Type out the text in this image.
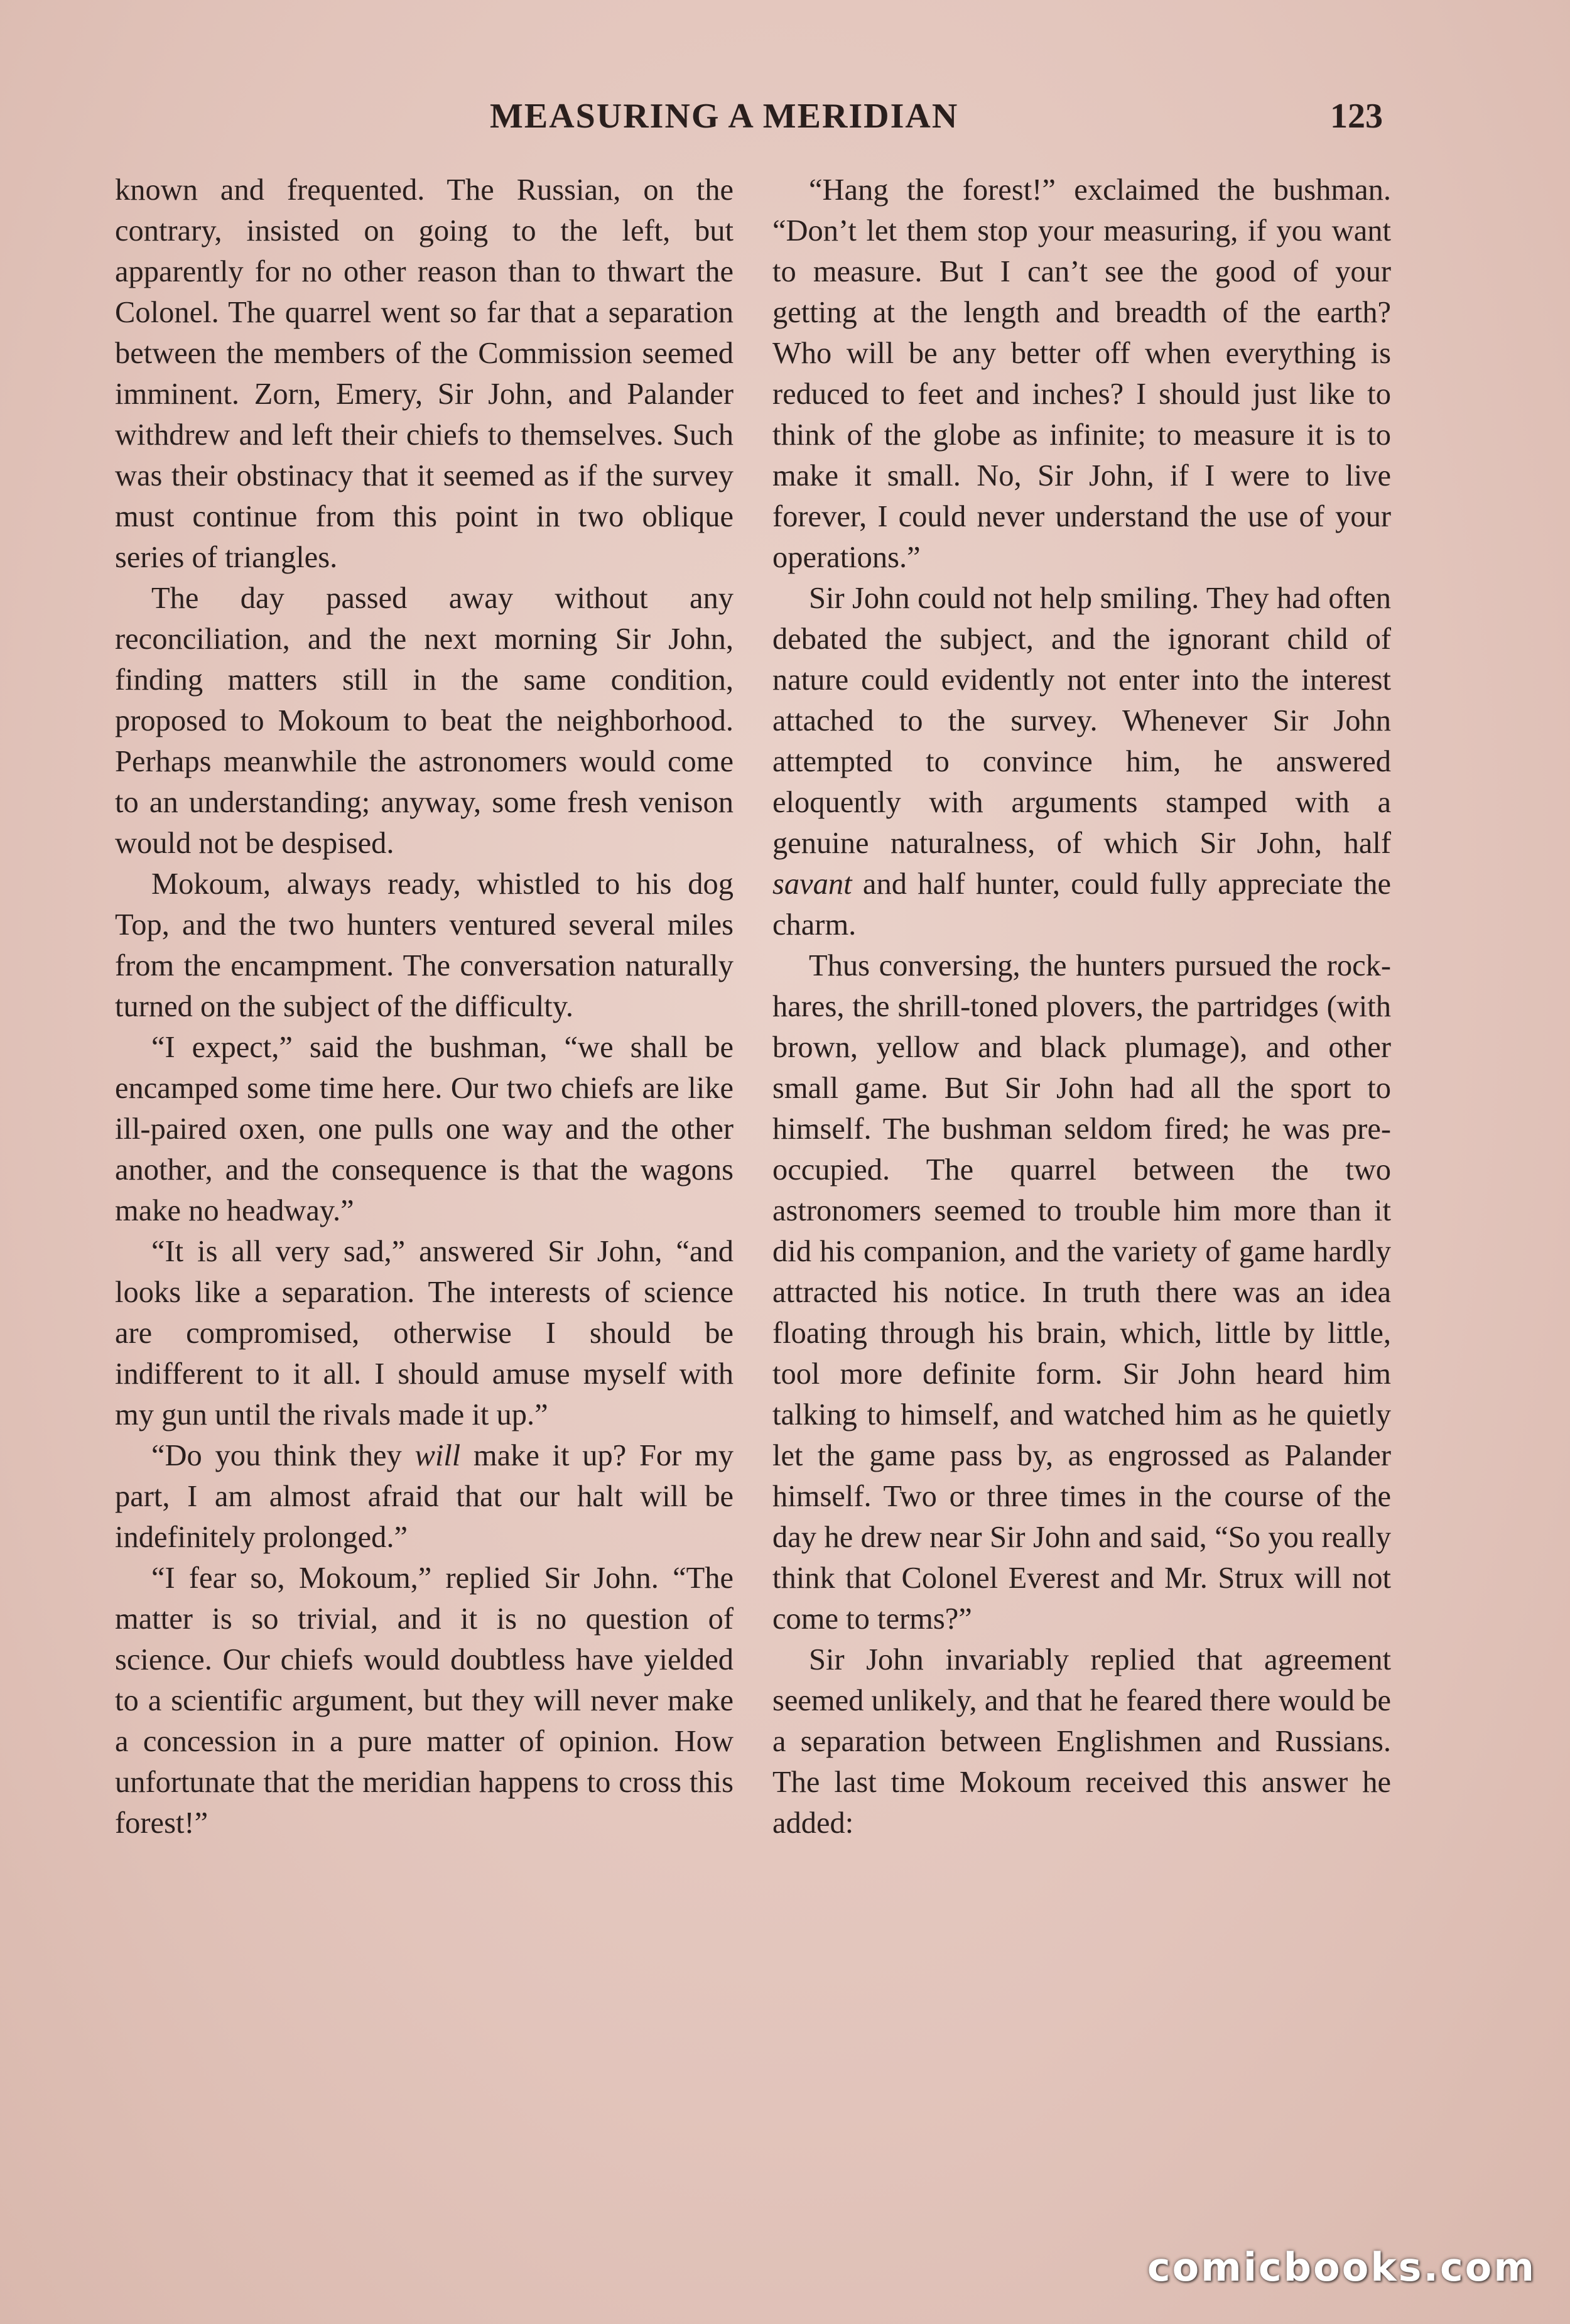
MEASURING A MERIDIAN	123

known and frequented. The Russian, on the contrary, insisted on going to the left, but apparently for no other reason than to thwart the Colonel. The quarrel went so far that a separation between the members of the Commission seemed imminent. Zorn, Emery, Sir John, and Palander withdrew and left their chiefs to themselves. Such was their obstinacy that it seemed as if the survey must continue from this point in two oblique series of triangles.

The day passed away without any reconciliation, and the next morning Sir John, finding matters still in the same condition, proposed to Mokoum to beat the neighborhood. Perhaps meanwhile the astronomers would come to an understanding; anyway, some fresh venison would not be despised.

Mokoum, always ready, whistled to his dog Top, and the two hunters ventured several miles from the encampment. The conversation naturally turned on the subject of the difficulty.

“I expect,” said the bushman, “we shall be encamped some time here. Our two chiefs are like ill-paired oxen, one pulls one way and the other another, and the consequence is that the wagons make no headway.”

“It is all very sad,” answered Sir John, “and looks like a separation. The interests of science are compromised, otherwise I should be indifferent to it all. I should amuse myself with my gun until the rivals made it up.”

“Do you think they will make it up? For my part, I am almost afraid that our halt will be indefinitely prolonged.”

“I fear so, Mokoum,” replied Sir John. “The matter is so trivial, and it is no question of science. Our chiefs would doubtless have yielded to a scientific argument, but they will never make a concession in a pure matter of opinion. How unfortunate that the meridian happens to cross this forest!”

“Hang the forest!” exclaimed the bushman. “Don’t let them stop your measuring, if you want to measure. But I can’t see the good of your getting at the length and breadth of the earth? Who will be any better off when everything is reduced to feet and inches? I should just like to think of the globe as infinite; to measure it is to make it small. No, Sir John, if I were to live forever, I could never understand the use of your operations.”

Sir John could not help smiling. They had often debated the subject, and the ignorant child of nature could evidently not enter into the interest attached to the survey. Whenever Sir John attempted to convince him, he answered eloquently with arguments stamped with a genuine naturalness, of which Sir John, half savant and half hunter, could fully appreciate the charm.

Thus conversing, the hunters pursued the rock-hares, the shrill-toned plovers, the partridges (with brown, yellow and black plumage), and other small game. But Sir John had all the sport to himself. The bushman seldom fired; he was pre-occupied. The quarrel between the two astronomers seemed to trouble him more than it did his companion, and the variety of game hardly attracted his notice. In truth there was an idea floating through his brain, which, little by little, tool more definite form. Sir John heard him talking to himself, and watched him as he quietly let the game pass by, as engrossed as Palander himself. Two or three times in the course of the day he drew near Sir John and said, “So you really think that Colonel Everest and Mr. Strux will not come to terms?”

Sir John invariably replied that agreement seemed unlikely, and that he feared there would be a separation between Englishmen and Russians. The last time Mokoum received this answer he added:

comicbooks.com
